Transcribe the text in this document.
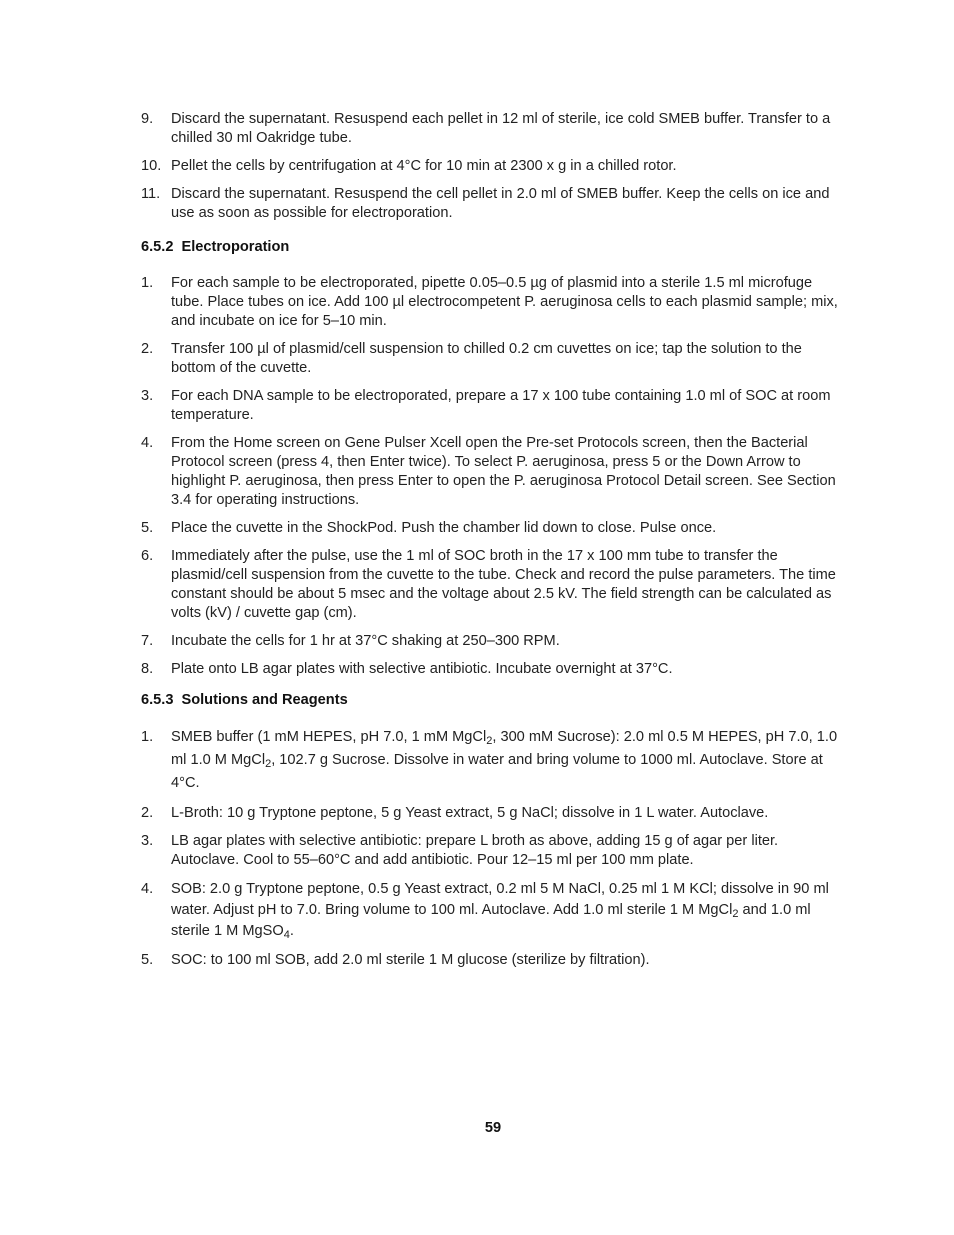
9.	Discard the supernatant. Resuspend each pellet in 12 ml of sterile, ice cold SMEB buffer. Transfer to a chilled 30 ml Oakridge tube.
10. Pellet the cells by centrifugation at 4°C for 10 min at 2300 x g in a chilled rotor.
11. Discard the supernatant. Resuspend the cell pellet in 2.0 ml of SMEB buffer. Keep the cells on ice and use as soon as possible for electroporation.
6.5.2 Electroporation
1.	For each sample to be electroporated, pipette 0.05–0.5 µg of plasmid into a sterile 1.5 ml microfuge tube. Place tubes on ice. Add 100 µl electrocompetent P. aeruginosa cells to each plasmid sample; mix, and incubate on ice for 5–10 min.
2.	Transfer 100 µl of plasmid/cell suspension to chilled 0.2 cm cuvettes on ice; tap the solution to the bottom of the cuvette.
3.	For each DNA sample to be electroporated, prepare a 17 x 100 tube containing 1.0 ml of SOC at room temperature.
4.	From the Home screen on Gene Pulser Xcell open the Pre-set Protocols screen, then the Bacterial Protocol screen (press 4, then Enter twice). To select P. aeruginosa, press 5 or the Down Arrow to highlight P. aeruginosa, then press Enter to open the P. aeruginosa Protocol Detail screen. See Section 3.4 for operating instructions.
5.	Place the cuvette in the ShockPod. Push the chamber lid down to close. Pulse once.
6.	Immediately after the pulse, use the 1 ml of SOC broth in the 17 x 100 mm tube to transfer the plasmid/cell suspension from the cuvette to the tube. Check and record the pulse parameters. The time constant should be about 5 msec and the voltage about 2.5 kV. The field strength can be calculated as volts (kV) / cuvette gap (cm).
7.	Incubate the cells for 1 hr at 37°C shaking at 250–300 RPM.
8.	Plate onto LB agar plates with selective antibiotic. Incubate overnight at 37°C.
6.5.3 Solutions and Reagents
1.	SMEB buffer (1 mM HEPES, pH 7.0, 1 mM MgCl$_2$, 300 mM Sucrose): 2.0 ml 0.5 M HEPES, pH 7.0, 1.0 ml 1.0 M MgCl$_2$, 102.7 g Sucrose. Dissolve in water and bring volume to 1000 ml. Autoclave. Store at 4°C.
2.	L-Broth: 10 g Tryptone peptone, 5 g Yeast extract, 5 g NaCl; dissolve in 1 L water. Autoclave.
3.	LB agar plates with selective antibiotic: prepare L broth as above, adding 15 g of agar per liter. Autoclave. Cool to 55–60°C and add antibiotic. Pour 12–15 ml per 100 mm plate.
4.	SOB: 2.0 g Tryptone peptone, 0.5 g Yeast extract, 0.2 ml 5 M NaCl, 0.25 ml 1 M KCl; dissolve in 90 ml water. Adjust pH to 7.0. Bring volume to 100 ml. Autoclave. Add 1.0 ml sterile 1 M MgCl$_2$ and 1.0 ml sterile 1 M MgSO$_4$.
5.	SOC: to 100 ml SOB, add 2.0 ml sterile 1 M glucose (sterilize by filtration).
59
